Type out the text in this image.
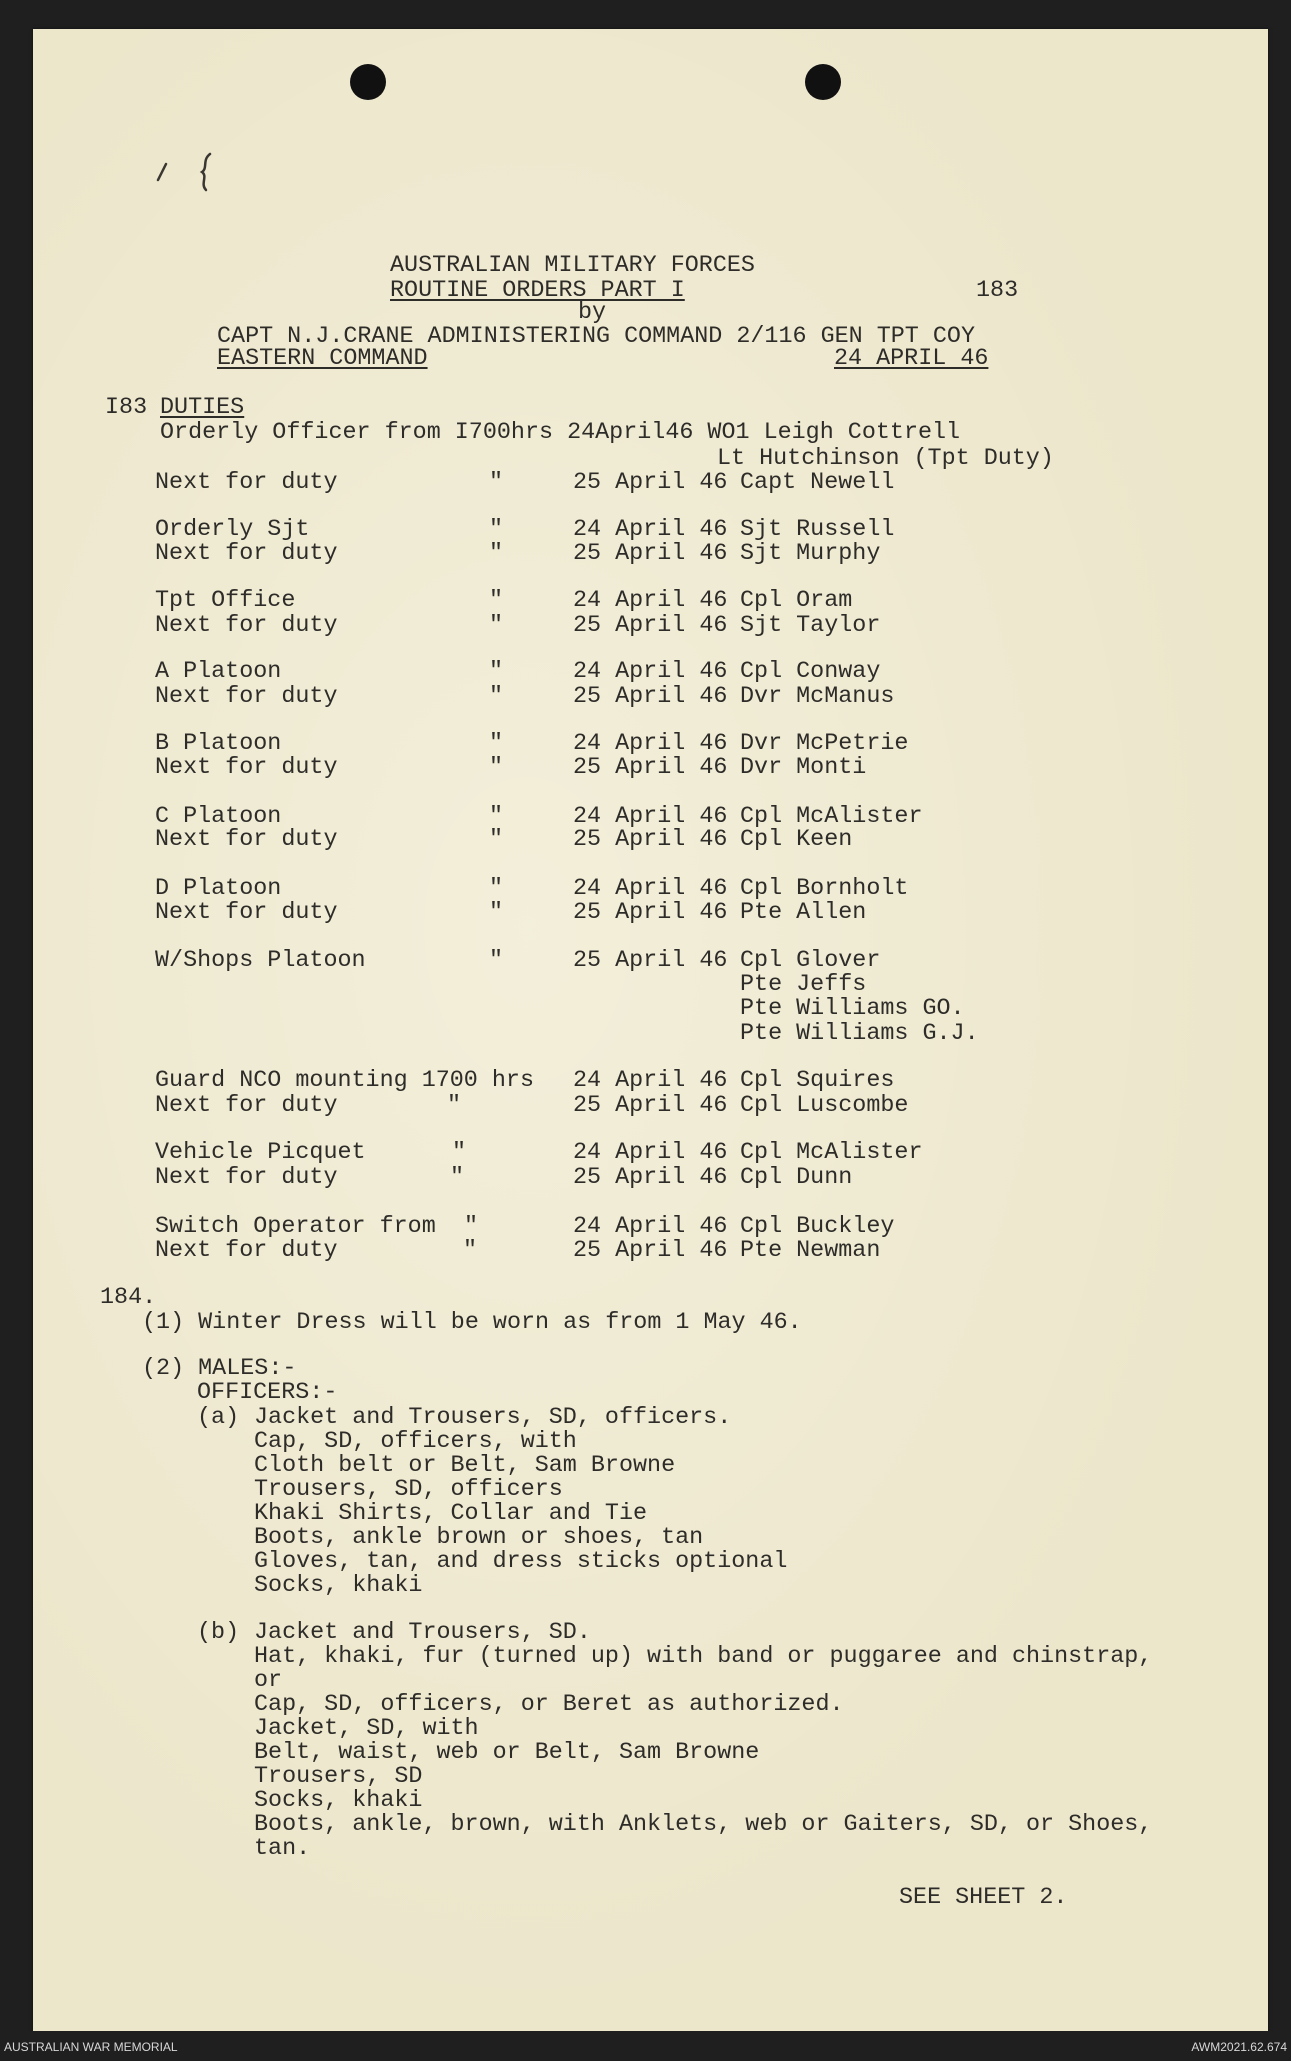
AUSTRALIAN MILITARY FORCES
ROUTINE ORDERS PART I	183
by
CAPT N.J.CRANE ADMINISTERING COMMAND 2/116 GEN TPT COY
EASTERN COMMAND	24 APRIL 46
I83 DUTIES
Orderly Officer from I700hrs 24April46 WO1 Leigh Cottrell
Lt Hutchinson (Tpt Duty)
Next for duty	"	25 April 46 Capt Newell
Orderly Sjt	"	24 April 46 Sjt Russell
Next for duty	"	25 April 46 Sjt Murphy
Tpt Office	"	24 April 46 Cpl Oram
Next for duty	"	25 April 46 Sjt Taylor
A Platoon	"	24 April 46 Cpl Conway
Next for duty	"	25 April 46 Dvr McManus
B Platoon	"	24 April 46 Dvr McPetrie
Next for duty	"	25 April 46 Dvr Monti
C Platoon	"	24 April 46 Cpl McAlister
Next for duty	"	25 April 46 Cpl Keen
D Platoon	"	24 April 46 Cpl Bornholt
Next for duty	"	25 April 46 Pte Allen
W/Shops Platoon	"	25 April 46 Cpl Glover
Pte Jeffs
Pte Williams GO.
Pte Williams G.J.
Guard NCO mounting 1700 hrs 24 April 46 Cpl Squires
Next for duty	"	25 April 46 Cpl Luscombe
Vehicle Picquet	"	24 April 46 Cpl McAlister
Next for duty	"	25 April 46 Cpl Dunn
Switch Operator from "	24 April 46 Cpl Buckley
Next for duty	"	25 April 46 Pte Newman
184.
(1) Winter Dress will be worn as from 1 May 46.
(2) MALES:-
OFFICERS:-
(a) Jacket and Trousers, SD, officers.
Cap, SD, officers, with
Cloth belt or Belt, Sam Browne
Trousers, SD, officers
Khaki Shirts, Collar and Tie
Boots, ankle brown or shoes, tan
Gloves, tan, and dress sticks optional
Socks, khaki
(b) Jacket and Trousers, SD.
Hat, khaki, fur (turned up) with band or puggaree and chinstrap,
or
Cap, SD, officers, or Beret as authorized.
Jacket, SD, with
Belt, waist, web or Belt, Sam Browne
Trousers, SD
Socks, khaki
Boots, ankle, brown, with Anklets, web or Gaiters, SD, or Shoes,
tan.
SEE SHEET 2.
AUSTRALIAN WAR MEMORIAL	AWM2021.62.674
